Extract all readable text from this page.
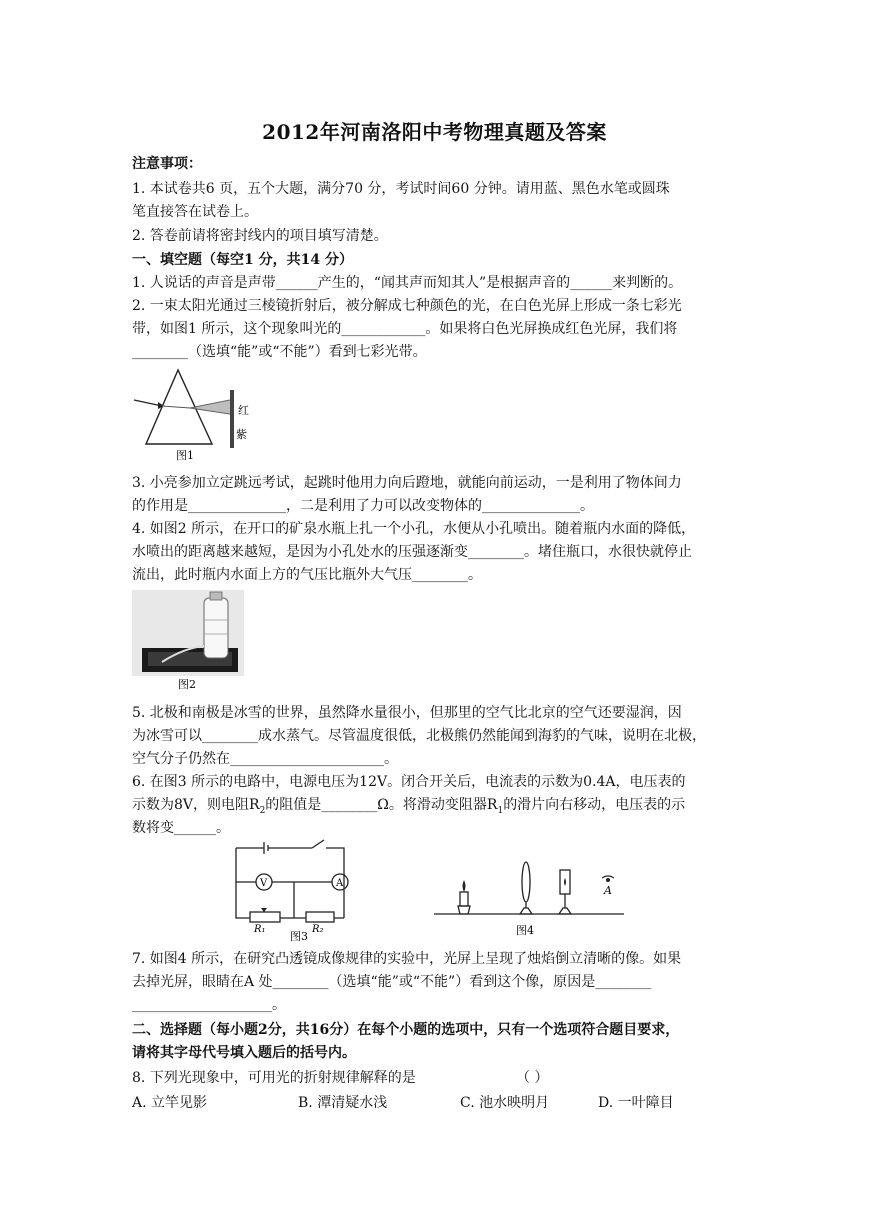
2012年河南洛阳中考物理真题及答案
注意事项：
1. 本试卷共6 页，五个大题，满分70 分，考试时间60 分钟。请用蓝、黑色水笔或圆珠
笔直接答在试卷上。
2. 答卷前请将密封线内的项目填写清楚。
一、填空题（每空1 分，共14 分）
1. 人说话的声音是声带______产生的，“闻其声而知其人”是根据声音的______来判断的。
2. 一束太阳光通过三棱镜折射后，被分解成七种颜色的光，在白色光屏上形成一条七彩光
带，如图1 所示，这个现象叫光的____________。如果将白色光屏换成红色光屏，我们将
________（选填“能”或“不能”）看到七彩光带。
红
紫
图1
3. 小亮参加立定跳远考试，起跳时他用力向后蹬地，就能向前运动，一是利用了物体间力
的作用是______________，二是利用了力可以改变物体的______________。
4. 如图2 所示，在开口的矿泉水瓶上扎一个小孔，水便从小孔喷出。随着瓶内水面的降低，
水喷出的距离越来越短，是因为小孔处水的压强逐渐变________。堵住瓶口，水很快就停止
流出，此时瓶内水面上方的气压比瓶外大气压________。
图2
5. 北极和南极是冰雪的世界，虽然降水量很小，但那里的空气比北京的空气还要湿润，因
为冰雪可以________成水蒸气。尽管温度很低，北极熊仍然能闻到海豹的气味，说明在北极，
空气分子仍然在______________________。
6. 在图3 所示的电路中，电源电压为12V。闭合开关后，电流表的示数为0.4A，电压表的
示数为8V，则电阻$R_2$的阻值是________Ω。将滑动变阻器$R_1$的滑片向右移动，电压表的示
数将变______。
V	A
R₁	R₂
图3
A
图4
7. 如图4 所示，在研究凸透镜成像规律的实验中，光屏上呈现了烛焰倒立清晰的像。如果
去掉光屏，眼睛在A 处________（选填“能”或“不能”）看到这个像，原因是________
____________________。
二、选择题（每小题2分，共16分）在每个小题的选项中，只有一个选项符合题目要求，
请将其字母代号填入题后的括号内。
8. 下列光现象中，可用光的折射规律解释的是	（ ）
A. 立竿见影	B. 潭清疑水浅	C. 池水映明月	D. 一叶障目
